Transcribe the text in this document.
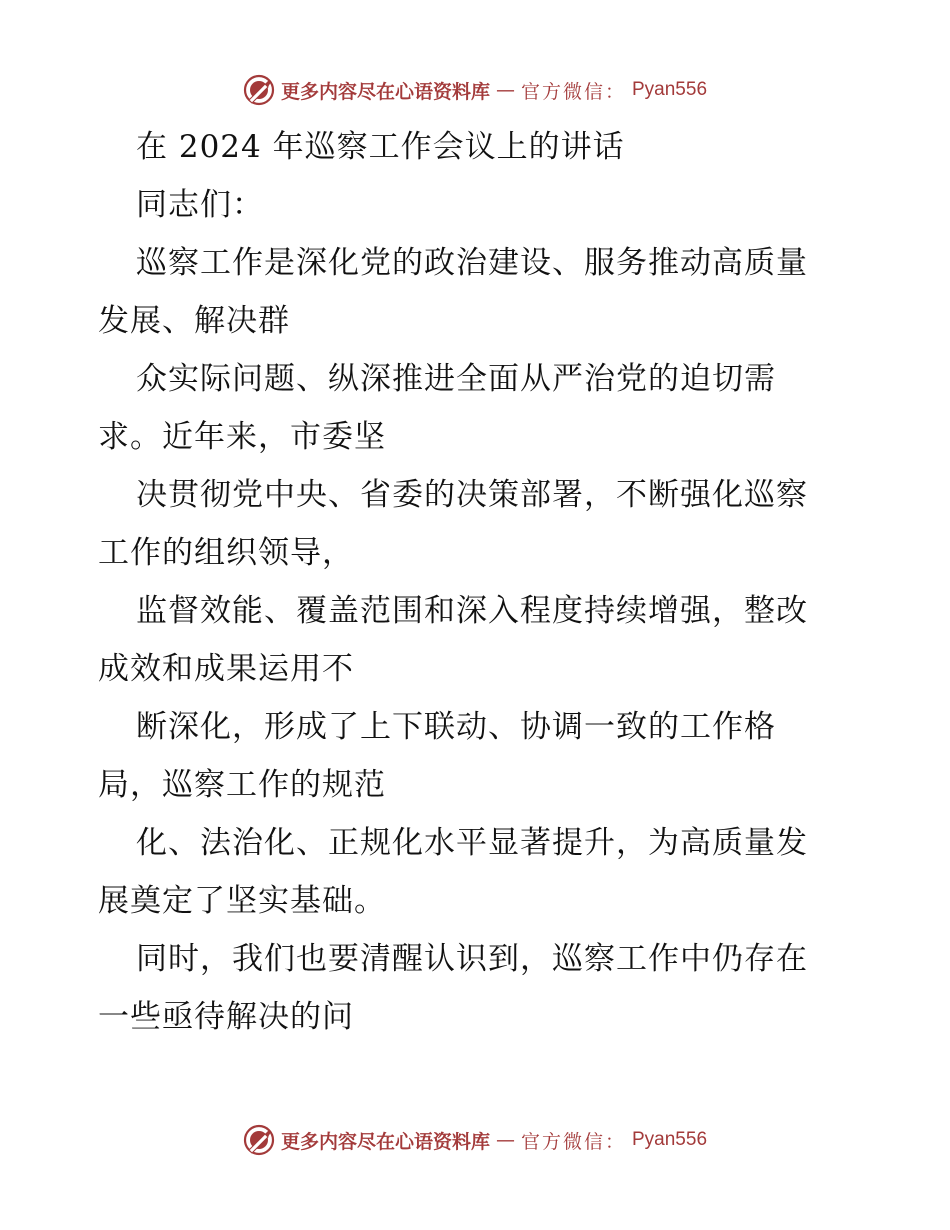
更多内容尽在心语资料库 — 官方微信： Pyan556
在 2024 年巡察工作会议上的讲话
同志们：
巡察工作是深化党的政治建设、服务推动高质量
发展、解决群
众实际问题、纵深推进全面从严治党的迫切需
求。近年来，市委坚
决贯彻党中央、省委的决策部署，不断强化巡察
工作的组织领导，
监督效能、覆盖范围和深入程度持续增强，整改
成效和成果运用不
断深化，形成了上下联动、协调一致的工作格
局，巡察工作的规范
化、法治化、正规化水平显著提升，为高质量发
展奠定了坚实基础。
同时，我们也要清醒认识到，巡察工作中仍存在
一些亟待解决的问
更多内容尽在心语资料库 — 官方微信： Pyan556
